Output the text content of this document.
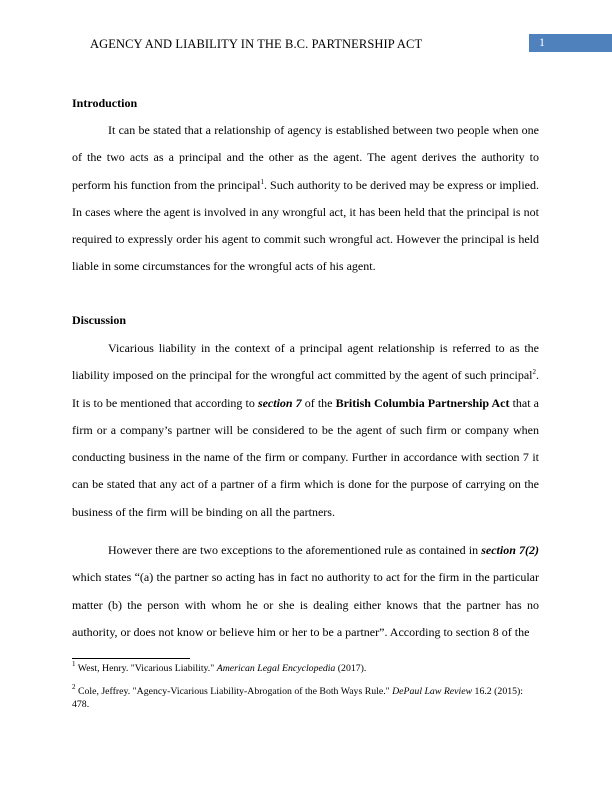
AGENCY AND LIABILITY IN THE B.C. PARTNERSHIP ACT	1
Introduction
It can be stated that a relationship of agency is established between two people when one of the two acts as a principal and the other as the agent. The agent derives the authority to perform his function from the principal$^1$. Such authority to be derived may be express or implied. In cases where the agent is involved in any wrongful act, it has been held that the principal is not required to expressly order his agent to commit such wrongful act. However the principal is held liable in some circumstances for the wrongful acts of his agent.
Discussion
Vicarious liability in the context of a principal agent relationship is referred to as the liability imposed on the principal for the wrongful act committed by the agent of such principal$^2$. It is to be mentioned that according to section 7 of the British Columbia Partnership Act that a firm or a company’s partner will be considered to be the agent of such firm or company when conducting business in the name of the firm or company. Further in accordance with section 7 it can be stated that any act of a partner of a firm which is done for the purpose of carrying on the business of the firm will be binding on all the partners.
However there are two exceptions to the aforementioned rule as contained in section 7(2) which states “(a) the partner so acting has in fact no authority to act for the firm in the particular matter (b) the person with whom he or she is dealing either knows that the partner has no authority, or does not know or believe him or her to be a partner”. According to section 8 of the
$^1$ West, Henry. "Vicarious Liability." American Legal Encyclopedia (2017).
$^2$ Cole, Jeffrey. "Agency-Vicarious Liability-Abrogation of the Both Ways Rule." DePaul Law Review 16.2 (2015): 478.
